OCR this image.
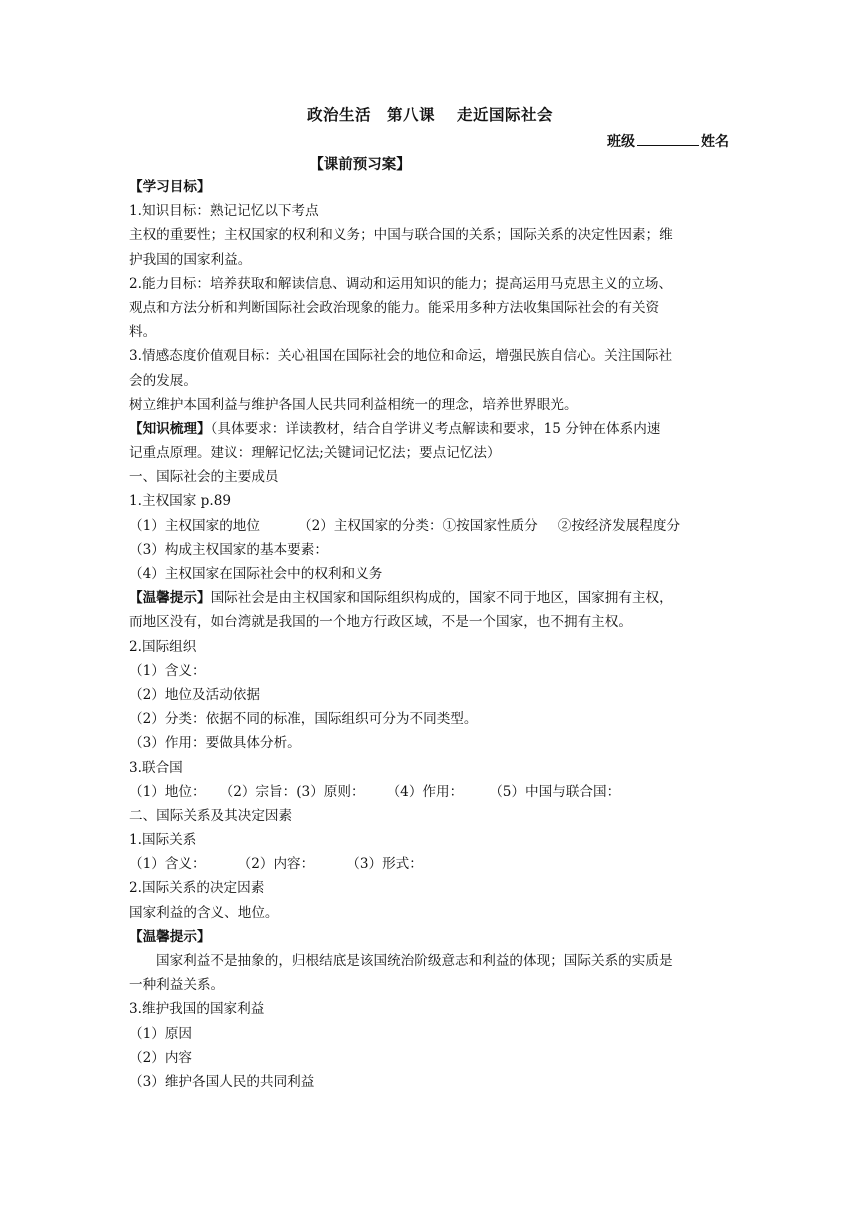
政治生活　第八课　 走近国际社会
班级	姓名
【课前预习案】
【学习目标】
1.知识目标：熟记记忆以下考点
主权的重要性；主权国家的权利和义务；中国与联合国的关系；国际关系的决定性因素；维
护我国的国家利益。
2.能力目标：培养获取和解读信息、调动和运用知识的能力；提高运用马克思主义的立场、
观点和方法分析和判断国际社会政治现象的能力。能采用多种方法收集国际社会的有关资
料。
3.情感态度价值观目标：关心祖国在国际社会的地位和命运，增强民族自信心。关注国际社
会的发展。
树立维护本国利益与维护各国人民共同利益相统一的理念，培养世界眼光。
【知识梳理】（具体要求：详读教材，结合自学讲义考点解读和要求，15 分钟在体系内速
记重点原理。建议：理解记忆法;关键词记忆法；要点记忆法）
一、国际社会的主要成员
1.主权国家 p.89
（1）主权国家的地位	（2）主权国家的分类：①按国家性质分 ②按经济发展程度分
（3）构成主权国家的基本要素：
（4）主权国家在国际社会中的权利和义务
【温馨提示】国际社会是由主权国家和国际组织构成的，国家不同于地区，国家拥有主权，
而地区没有，如台湾就是我国的一个地方行政区域，不是一个国家，也不拥有主权。
2.国际组织
（1）含义：
（2）地位及活动依据
（2）分类：依据不同的标准，国际组织可分为不同类型。
（3）作用：要做具体分析。
3.联合国
（1）地位： （2）宗旨：(3）原则： （4）作用： （5）中国与联合国：
二、国际关系及其决定因素
1.国际关系
（1）含义： （2）内容： （3）形式：
2.国际关系的决定因素
国家利益的含义、地位。
【温馨提示】
国家利益不是抽象的，归根结底是该国统治阶级意志和利益的体现；国际关系的实质是
一种利益关系。
3.维护我国的国家利益
（1）原因
（2）内容
（3）维护各国人民的共同利益
